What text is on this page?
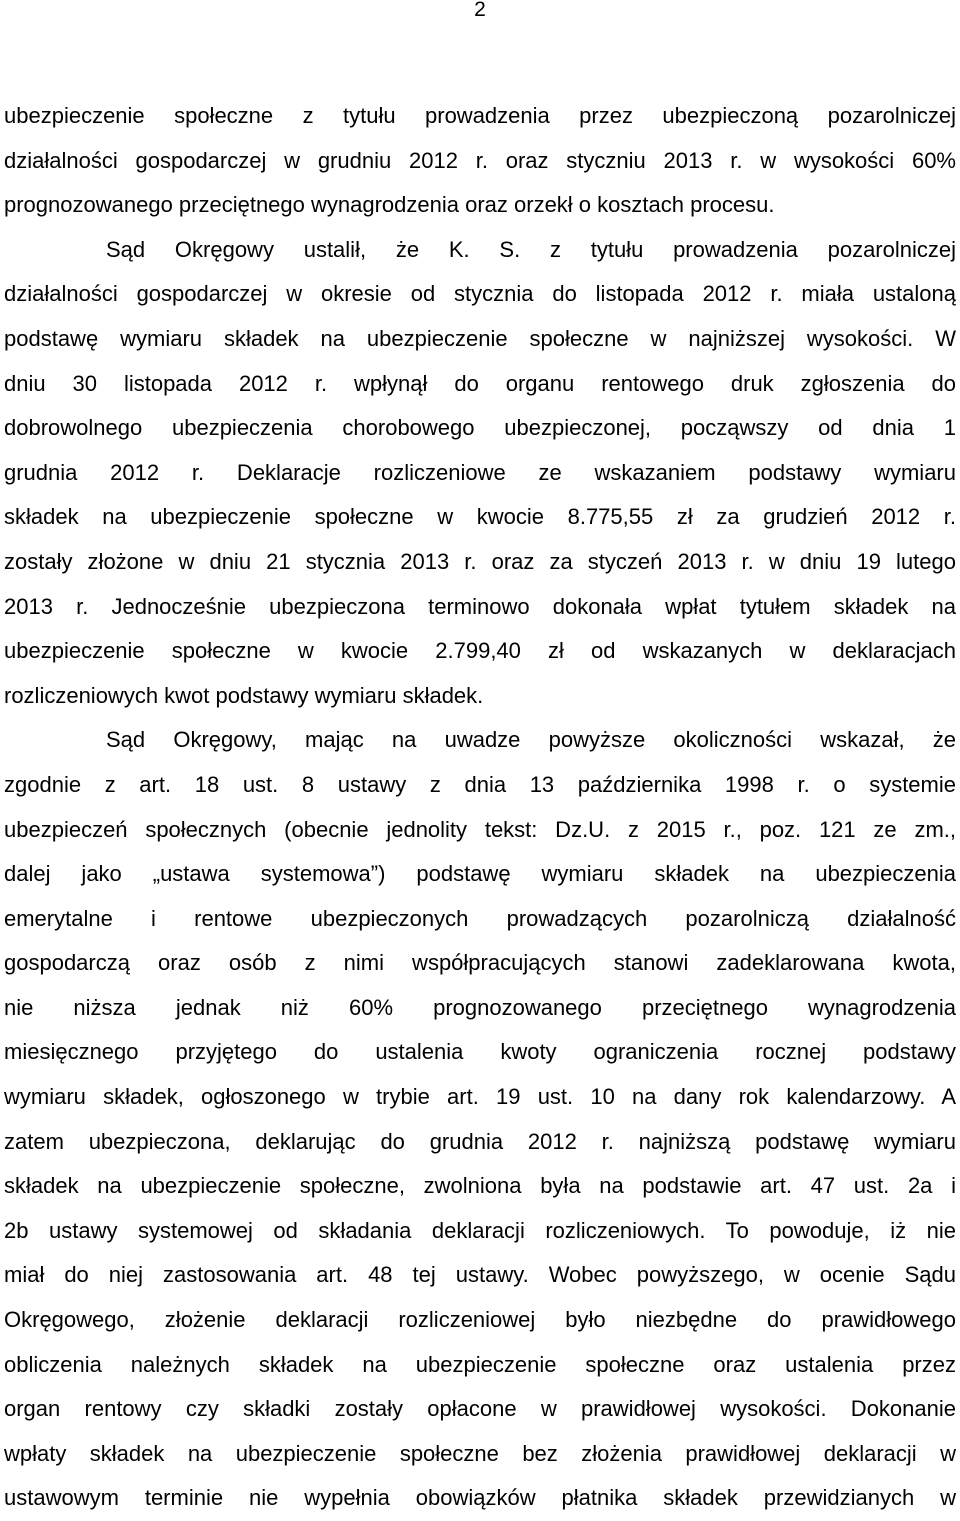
2
ubezpieczenie społeczne z tytułu prowadzenia przez ubezpieczoną pozarolniczej
działalności gospodarczej w grudniu 2012 r. oraz styczniu 2013 r. w wysokości 60%
prognozowanego przeciętnego wynagrodzenia oraz orzekł o kosztach procesu.
Sąd Okręgowy ustalił, że K. S. z tytułu prowadzenia pozarolniczej
działalności gospodarczej w okresie od stycznia do listopada 2012 r. miała ustaloną
podstawę wymiaru składek na ubezpieczenie społeczne w najniższej wysokości. W
dniu 30 listopada 2012 r. wpłynął do organu rentowego druk zgłoszenia do
dobrowolnego ubezpieczenia chorobowego ubezpieczonej, począwszy od dnia 1
grudnia 2012 r. Deklaracje rozliczeniowe ze wskazaniem podstawy wymiaru
składek na ubezpieczenie społeczne w kwocie 8.775,55 zł za grudzień 2012 r.
zostały złożone w dniu 21 stycznia 2013 r. oraz za styczeń 2013 r. w dniu 19 lutego
2013 r. Jednocześnie ubezpieczona terminowo dokonała wpłat tytułem składek na
ubezpieczenie społeczne w kwocie 2.799,40 zł od wskazanych w deklaracjach
rozliczeniowych kwot podstawy wymiaru składek.
Sąd Okręgowy, mając na uwadze powyższe okoliczności wskazał, że
zgodnie z art. 18 ust. 8 ustawy z dnia 13 października 1998 r. o systemie
ubezpieczeń społecznych (obecnie jednolity tekst: Dz.U. z 2015 r., poz. 121 ze zm.,
dalej jako „ustawa systemowa”) podstawę wymiaru składek na ubezpieczenia
emerytalne i rentowe ubezpieczonych prowadzących pozarolniczą działalność
gospodarczą oraz osób z nimi współpracujących stanowi zadeklarowana kwota,
nie niższa jednak niż 60% prognozowanego przeciętnego wynagrodzenia
miesięcznego przyjętego do ustalenia kwoty ograniczenia rocznej podstawy
wymiaru składek, ogłoszonego w trybie art. 19 ust. 10 na dany rok kalendarzowy. A
zatem ubezpieczona, deklarując do grudnia 2012 r. najniższą podstawę wymiaru
składek na ubezpieczenie społeczne, zwolniona była na podstawie art. 47 ust. 2a i
2b ustawy systemowej od składania deklaracji rozliczeniowych. To powoduje, iż nie
miał do niej zastosowania art. 48 tej ustawy. Wobec powyższego, w ocenie Sądu
Okręgowego, złożenie deklaracji rozliczeniowej było niezbędne do prawidłowego
obliczenia należnych składek na ubezpieczenie społeczne oraz ustalenia przez
organ rentowy czy składki zostały opłacone w prawidłowej wysokości. Dokonanie
wpłaty składek na ubezpieczenie społeczne bez złożenia prawidłowej deklaracji w
ustawowym terminie nie wypełnia obowiązków płatnika składek przewidzianych w
